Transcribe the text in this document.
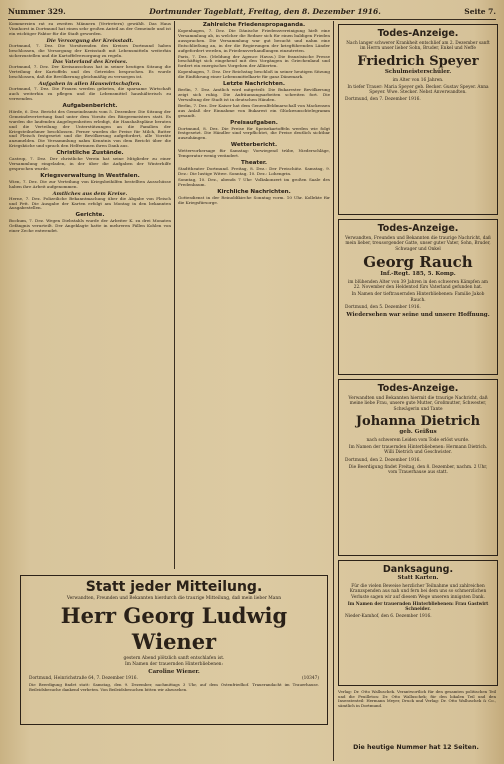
Nummer 329.	Dortmunder Tageblatt, Freitag, den 8. Dezember 1916.	Seite 7.

Kommerzien rat zu zweiten Männern (Vertretern) gewählt. Das Haus Vinnhorst in Dortmund hat einen sehr großen Anteil an der Gemeinde und ist ein wichtiger Faktor für die Stadt geworden.

Die Versorgung der Kreisstadt.

Dortmund, 7. Dez. Die Vorsitzenden des Kreises Dortmund haben beschlossen, die Versorgung der Kreisstadt mit Lebensmitteln weiterhin sicherzustellen und die Kartoffelversorgung zu regeln.

Das Vaterland des Kreises.

Dortmund, 7. Dez. Der Kreisausschuss hat in seiner heutigen Sitzung die Verteilung der Kartoffeln und des Getreides besprochen. Es wurde beschlossen, daß die Bevölkerung gleichmäßig zu versorgen ist.

Aufgaben in allen Hauswirtschaften.

Dortmund, 7. Dez. Die Frauen werden gebeten, die sparsame Wirtschaft auch weiterhin zu pflegen und die Lebensmittel haushälterisch zu verwenden.

Aufgabenbericht.

Hörde, 6. Dez. Bericht des Gemeindeamts vom 5. Dezember. Die Sitzung der Gemeindevertretung fand unter dem Vorsitz des Bürgermeisters statt. Es wurden die laufenden Angelegenheiten erledigt, die Haushaltspläne beraten und die Verteilung der Unterstützungen an die Familien der Kriegsteilnehmer beschlossen. Ferner wurden die Preise für Milch, Butter und Fleisch festgesetzt und die Bevölkerung aufgefordert, alle Vorräte anzumelden. Die Versammlung nahm Kenntnis von dem Bericht über die Kriegsküche und sprach den Helferinnen ihren Dank aus.

Christliche Zustände.

Castrop, 7. Dez. Der christliche Verein hat seine Mitglieder zu einer Versammlung eingeladen, in der über die Aufgaben der Winterhilfe gesprochen wurde.

Kriegsverwaltung in Westfalen.

Wien, 7. Dez. Die zur Verteilung von Kriegsbeihilfen bestellten Ausschüsse haben ihre Arbeit aufgenommen.

Amtliches aus dem Kreise.

Herne, 7. Dez. Polizeiliche Bekanntmachung über die Abgabe von Fleisch und Fett. Die Ausgabe der Karten erfolgt am Montag in den bekannten Ausgabestellen.

Gerichte.

Bochum, 7. Dez. Wegen Diebstahls wurde der Arbeiter K. zu drei Monaten Gefängnis verurteilt. Der Angeklagte hatte in mehreren Fällen Kohlen von einer Zeche entwendet.

Zahlreiche Friedenspropaganda.

Kopenhagen, 7. Dez. Die Dänische Friedensvereinigung hielt eine Versammlung ab, in welcher die Redner sich für einen baldigen Frieden aussprachen. Die Versammlung war gut besucht und nahm eine Entschließung an, in der die Regierungen der kriegführenden Länder aufgefordert werden, in Friedensverhandlungen einzutreten.

Paris, 7. Dez. (Meldung der Agence Havas.) Die französische Presse beschäftigt sich eingehend mit den Vorgängen in Griechenland und fordert ein energisches Vorgehen der Alliierten.

Kopenhagen, 7. Dez. Der Reichstag beschloß in seiner heutigen Sitzung die Einführung einer Lebensmittelkarte für ganz Dänemark.

Letzte Nachrichten.

Berlin, 7. Dez. Amtlich wird mitgeteilt: Die Bukarester Bevölkerung zeigt sich ruhig. Die Aufräumungsarbeiten schreiten fort. Die Verwaltung der Stadt ist in deutschen Händen.

Berlin, 7. Dez. Der Kaiser hat dem Generalfeldmarschall von Mackensen aus Anlaß der Einnahme von Bukarest ein Glückwunschtelegramm gesandt.

Preisaufgaben.

Dortmund, 8. Dez. Die Preise für Speisekartoffeln werden wie folgt festgesetzt. Die Händler sind verpflichtet, die Preise deutlich sichtbar auszuhängen.

Wetterbericht.

Wettervorhersage für Samstag: Vorwiegend trübe, Niederschläge, Temperatur wenig verändert.

Theater.

Stadttheater Dortmund. Freitag, 8. Dez.: Der Freischütz. Samstag, 9. Dez.: Die lustige Witwe. Sonntag, 10. Dez.: Lohengrin.

Sonntag, 10. Dez., abends 7 Uhr: Volkskonzert im großen Saale des Fredenbaum.

Kirchliche Nachrichten.

Gottesdienst in der Reinoldikirche Sonntag vorm. 10 Uhr. Kollekte für die Kriegsfürsorge.

Todes-Anzeige.
Nach langer schwerer Krankheit entschlief am 2. Dezember sanft im Herrn unser lieber Sohn, Bruder, Enkel und Neffe
Friedrich Speyer
Schulmeisterschüler.
im Alter von 16 Jahren.
In tiefer Trauer: Maria Speyer geb. Becker. Gustav Speyer. Anna Speyer. Wwe. Stecker. Nebst Anverwandten.
Dortmund, den 7. Dezember 1916.
Todes-Anzeige.
Verwandten, Freunden und Bekannten die traurige Nachricht, daß mein lieber, treusorgender Gatte, unser guter Vater, Sohn, Bruder, Schwager und Onkel
Georg Rauch
Inf.-Regt. 185, 5. Komp.
im blühenden Alter von 39 Jahren in den schweren Kämpfen am 22. November den Heldentod fürs Vaterland gefunden hat.
In Namen der tieftrauernden Hinterbliebenen: Familie Jakob Rauch.
Dortmund, den 5. Dezember 1916.
Wiedersehen war seine und unsere Hoffnung.
Todes-Anzeige.
Verwandten und Bekannten hiermit die traurige Nachricht, daß meine liebe Frau, unsere gute Mutter, Großmutter, Schwester, Schwägerin und Tante
Johanna Dietrich
geb. Geißus
nach schwerem Leiden vom Tode erlöst wurde.
Im Namen der trauernden Hinterbliebenen: Hermann Dietrich. Willi Dietrich und Geschwister.
Dortmund, den 2. Dezember 1916.
Die Beerdigung findet Freitag, den 8. Dezember, nachm. 2 Uhr, vom Trauerhause aus statt.
Danksagung.
Statt Karten.
Für die vielen Beweise herzlicher Teilnahme und zahlreichen Kranzspenden aus nah und fern bei dem uns so schmerzlichen Verluste sagen wir auf diesem Wege unseren innigsten Dank.
Im Namen der trauernden Hinterbliebenen: Frau Gastwirt Schneider.
Nieder-Kamhof, den 6. Dezember 1916.

Verlag: Dr. Otto Walluschek. Verantwortlich für den gesamten politischen Teil und die Feuilleton: Dr. Otto Walluschek; für den lokalen Teil und den Inseratenteil: Hermann Meyer, Druck und Verlag: Dr. Otto Walluschek & Co., sämtlich in Dortmund.

Die heutige Nummer hat 12 Seiten.
Statt jeder Mitteilung.
Verwandten, Freunden und Bekannten hierdurch die traurige Mitteilung, daß mein lieber Mann
Herr Georg Ludwig Wiener
gestern Abend plötzlich sanft entschlafen ist.
Im Namen der trauernden Hinterbliebenen:
Caroline Wiener.
Dortmund, Heinrichstraße 64, 7. Dezember 1916.	(10347)
Die Beerdigung findet statt: Samstag, den 9. Dezember, nachmittags 3 Uhr, auf dem Ostenfriedhof. Trauerandacht im Trauerhause. Beileidsbesuche dankend verbeten. Von Beileidsbesuchen bitten wir abzusehen.
